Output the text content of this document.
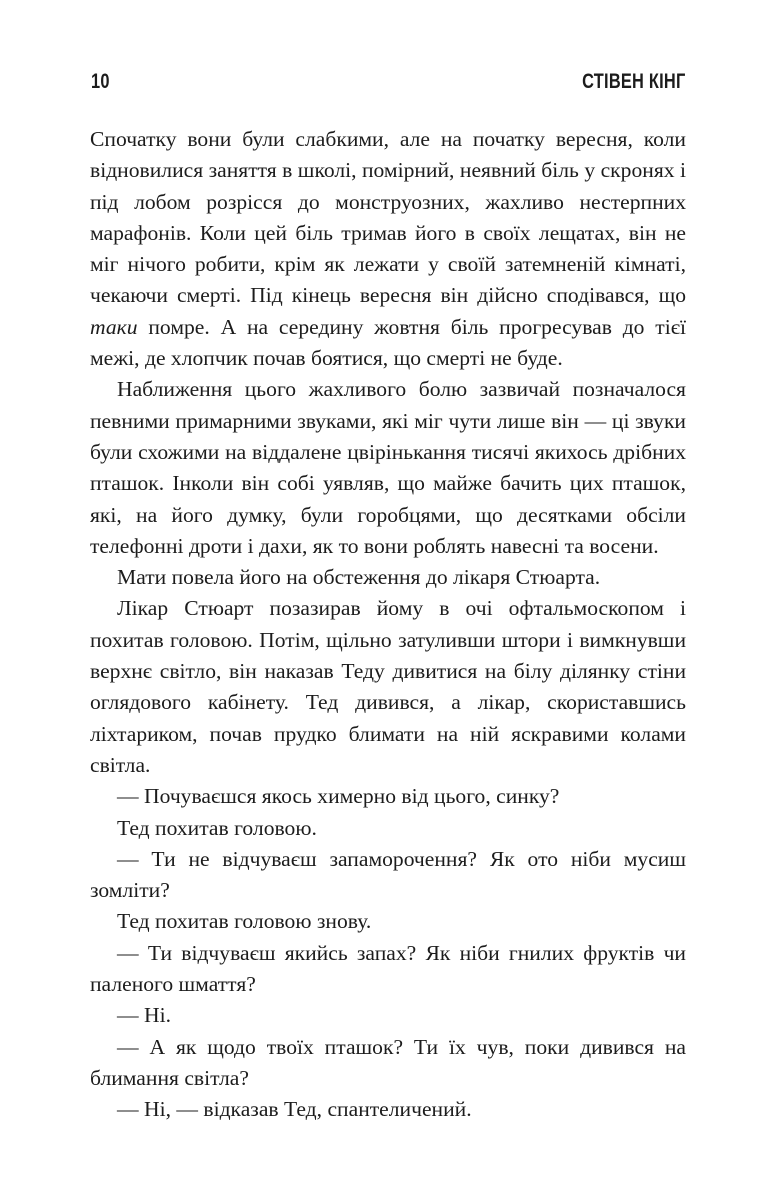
10	СТІВЕН КІНГ

Спочатку вони були слабкими, але на початку вересня, коли відновилися заняття в школі, помірний, неявний біль у скронях і під лобом розрісся до монструозних, жахливо нестерпних марафонів. Коли цей біль тримав його в своїх лещатах, він не міг нічого робити, крім як лежати у своїй затемненій кімнаті, чекаючи смерті. Під кінець вересня він дійсно сподівався, що таки помре. А на середину жовтня біль прогресував до тієї межі, де хлопчик почав боятися, що смерті не буде.

Наближення цього жахливого болю зазвичай позначалося певними примарними звуками, які міг чути лише він — ці звуки були схожими на віддалене цвірінькання тисячі якихось дрібних пташок. Інколи він собі уявляв, що майже бачить цих пташок, які, на його думку, були горобцями, що десятками обсіли телефонні дроти і дахи, як то вони роблять навесні та восени.

Мати повела його на обстеження до лікаря Стюарта.

Лікар Стюарт позазирав йому в очі офтальмоскопом і похитав головою. Потім, щільно затуливши штори і вимкнувши верхнє світло, він наказав Теду дивитися на білу ділянку стіни оглядового кабінету. Тед дивився, а лікар, скориставшись ліхтариком, почав прудко блимати на ній яскравими колами світла.

— Почуваєшся якось химерно від цього, синку?

Тед похитав головою.

— Ти не відчуваєш запаморочення? Як ото ніби мусиш зомліти?

Тед похитав головою знову.

— Ти відчуваєш якийсь запах? Як ніби гнилих фруктів чи паленого шмаття?

— Ні.

— А як щодо твоїх пташок? Ти їх чув, поки дивився на блимання світла?

— Ні, — відказав Тед, спантеличений.
